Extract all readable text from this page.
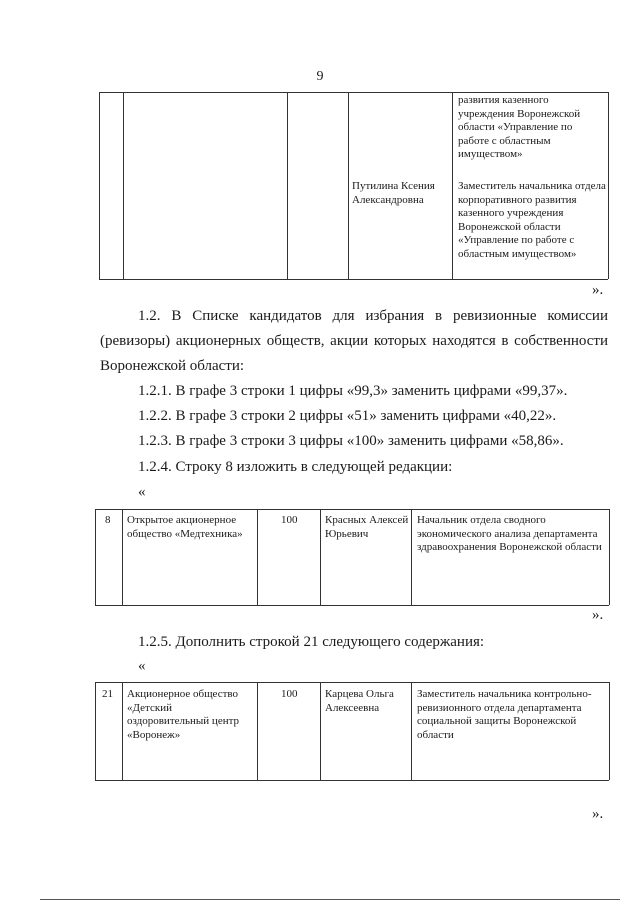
9
развития казенного учреждения Воронежской области «Управление по работе с областным имуществом»
Путилина Ксения Александровна
Заместитель начальника отдела корпоративного развития казенного учреждения Воронежской области «Управление по работе с областным имуществом»
».
1.2. В Списке кандидатов для избрания в ревизионные комиссии
(ревизоры) акционерных обществ, акции которых находятся в собственности
Воронежской области:
1.2.1. В графе 3 строки 1 цифры «99,3» заменить цифрами «99,37».
1.2.2. В графе 3 строки 2 цифры «51» заменить цифрами «40,22».
1.2.3. В графе 3 строки 3 цифры «100» заменить цифрами «58,86».
1.2.4. Строку 8 изложить в следующей редакции:
«
8 Открытое акционерное общество «Медтехника»
100	Красных Алексей Юрьевич
Начальник отдела сводного экономического анализа департамента здравоохранения Воронежской области
».
1.2.5. Дополнить строкой 21 следующего содержания:
«
21 Акционерное общество «Детский оздоровительный центр «Воронеж»
100	Карцева Ольга Алексеевна
Заместитель начальника контрольно-ревизионного отдела департамента социальной защиты Воронежской области
».
